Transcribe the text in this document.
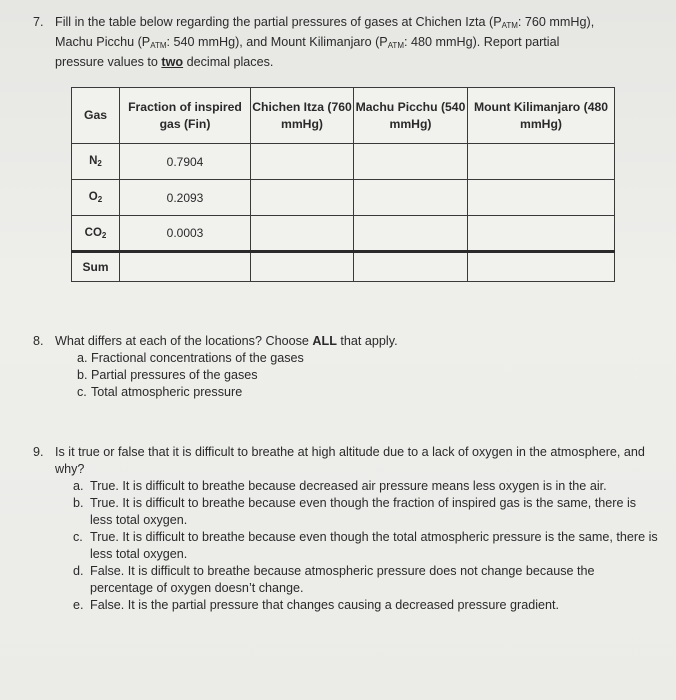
7. Fill in the table below regarding the partial pressures of gases at Chichen Izta ($P_{ATM}$: 760 mmHg),
Machu Picchu ($P_{ATM}$: 540 mmHg), and Mount Kilimanjaro ($P_{ATM}$: 480 mmHg). Report partial
pressure values to two decimal places.
Gas	Fraction of inspired gas (Fin)	Chichen Itza (760 mmHg)	Machu Picchu (540 mmHg)	Mount Kilimanjaro (480 mmHg)
$N_2$	0.7904			
$O_2$	0.2093			
$CO_2$	0.0003			
Sum				
8. What differs at each of the locations? Choose ALL that apply.
a. Fractional concentrations of the gases
b. Partial pressures of the gases
c. Total atmospheric pressure
9. Is it true or false that it is difficult to breathe at high altitude due to a lack of oxygen in the atmosphere, and why?
a. True. It is difficult to breathe because decreased air pressure means less oxygen is in the air.
b. True. It is difficult to breathe because even though the fraction of inspired gas is the same, there is less total oxygen.
c. True. It is difficult to breathe because even though the total atmospheric pressure is the same, there is less total oxygen.
d. False. It is difficult to breathe because atmospheric pressure does not change because the percentage of oxygen doesn’t change.
e. False. It is the partial pressure that changes causing a decreased pressure gradient.
